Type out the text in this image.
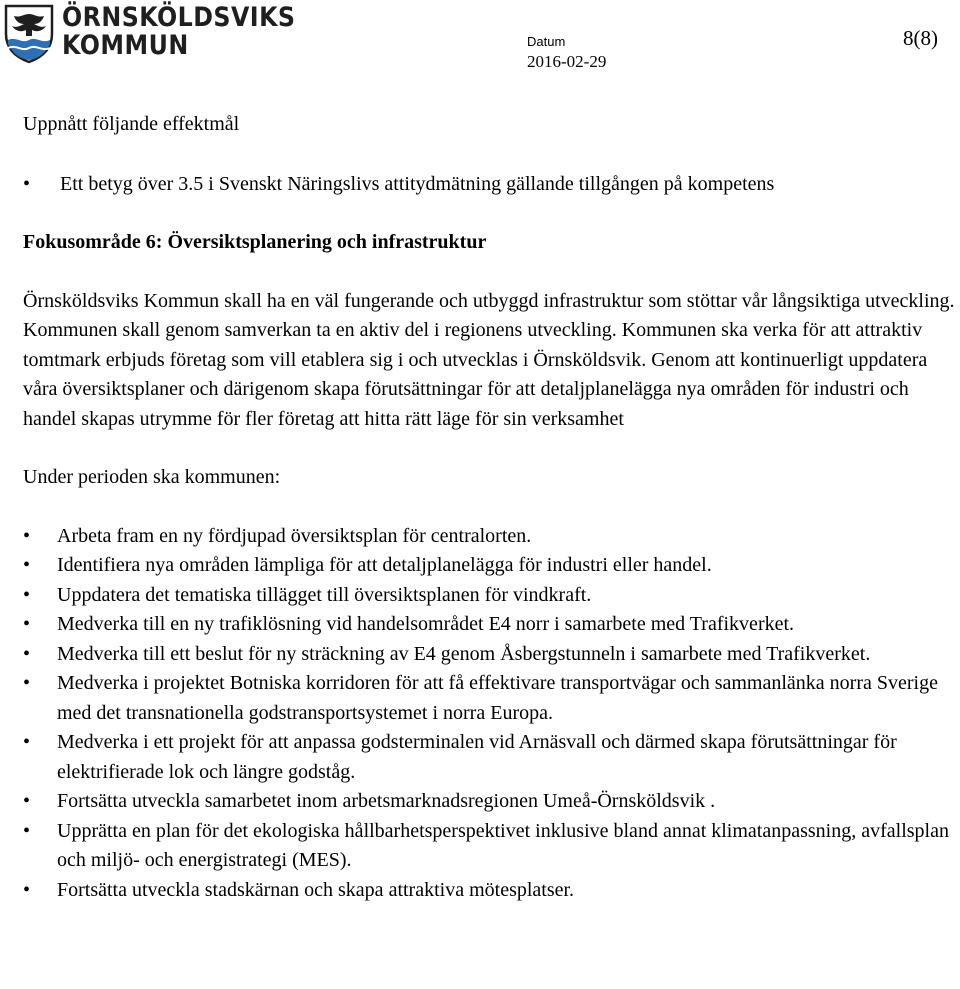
ÖRNSKÖLDSVIKS
KOMMUN	Datum
2016-02-29
8(8)

Uppnått följande effektmål

• Ett betyg över 3.5 i Svenskt Näringslivs attitydmätning gällande tillgången på kompetens

Fokusområde 6: Översiktsplanering och infrastruktur

Örnsköldsviks Kommun skall ha en väl fungerande och utbyggd infrastruktur som stöttar vår långsiktiga utveckling. Kommunen skall genom samverkan ta en aktiv del i regionens utveckling. Kommunen ska verka för att attraktiv tomtmark erbjuds företag som vill etablera sig i och utvecklas i Örnsköldsvik. Genom att kontinuerligt uppdatera våra översiktsplaner och därigenom skapa förutsättningar för att detaljplanelägga nya områden för industri och handel skapas utrymme för fler företag att hitta rätt läge för sin verksamhet

Under perioden ska kommunen:

• Arbeta fram en ny fördjupad översiktsplan för centralorten.
• Identifiera nya områden lämpliga för att detaljplanelägga för industri eller handel.
• Uppdatera det tematiska tillägget till översiktsplanen för vindkraft.
• Medverka till en ny trafiklösning vid handelsområdet E4 norr i samarbete med Trafikverket.
• Medverka till ett beslut för ny sträckning av E4 genom Åsbergstunneln i samarbete med Trafikverket.
• Medverka i projektet Botniska korridoren för att få effektivare transportvägar och sammanlänka norra Sverige med det transnationella godstransportsystemet i norra Europa.
• Medverka i ett projekt för att anpassa godsterminalen vid Arnäsvall och därmed skapa förutsättningar för elektrifierade lok och längre godståg.
• Fortsätta utveckla samarbetet inom arbetsmarknadsregionen Umeå-Örnsköldsvik .
• Upprätta en plan för det ekologiska hållbarhetsperspektivet inklusive bland annat klimatanpassning, avfallsplan och miljö- och energistrategi (MES).
• Fortsätta utveckla stadskärnan och skapa attraktiva mötesplatser.
